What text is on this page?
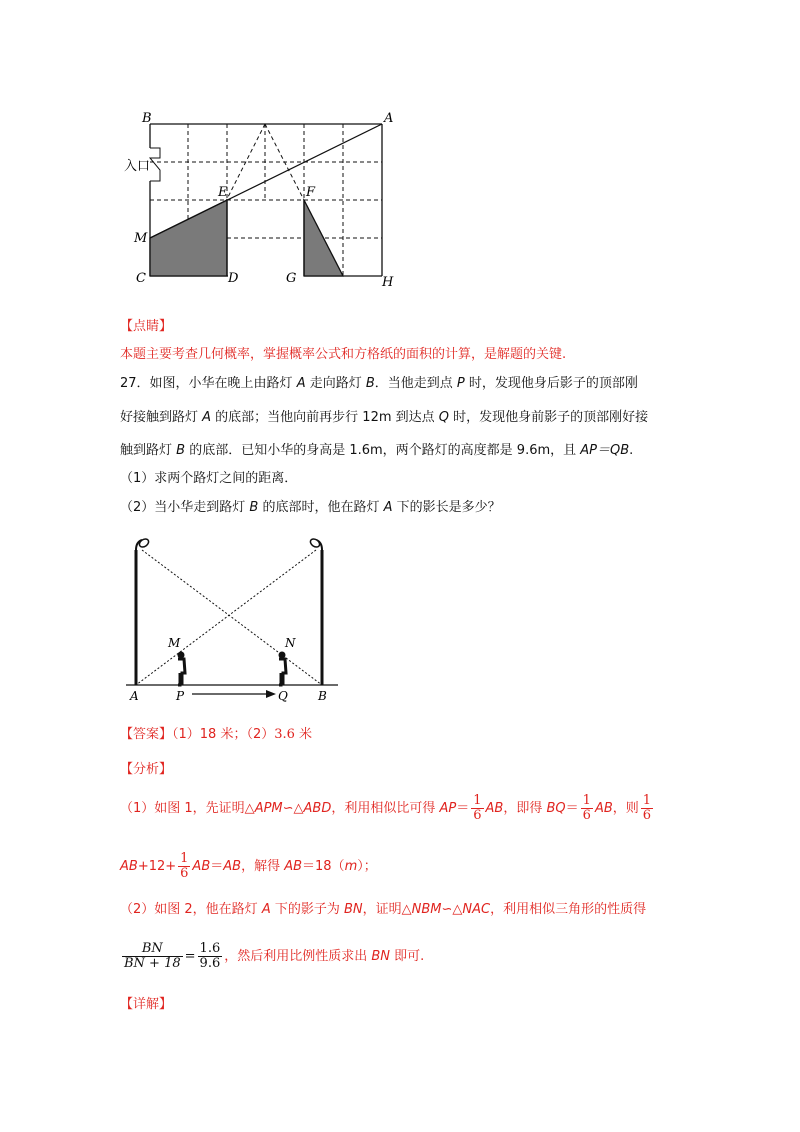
B	A
入口
E	F
M
C	D	G	H
【点睛】
本题主要考查几何概率，掌握概率公式和方格纸的面积的计算，是解题的关键.
27．如图，小华在晚上由路灯 A 走向路灯 B．当他走到点 P 时，发现他身后影子的顶部刚
好接触到路灯 A 的底部；当他向前再步行 12m 到达点 Q 时，发现他身前影子的顶部刚好接
触到路灯 B 的底部．已知小华的身高是 1.6m，两个路灯的高度都是 9.6m，且 AP＝QB.
（1）求两个路灯之间的距离．
（2）当小华走到路灯 B 的底部时，他在路灯 A 下的影长是多少？
M	N
A	P	Q	B
【答案】（1）18 米；（2）3.6 米
【分析】
（1）如图 1，先证明△APM∽△ABD，利用相似比可得 $AP= \frac{1}{6}$ AB，即得 $BQ= \frac{1}{6}$ AB，则 $\frac{1}{6}$
$AB+12+ \frac{1}{6} AB=AB$，解得 AB＝18（m）；
（2）如图 2，他在路灯 A 下的影子为 BN，证明△NBM∽△NAC，利用相似三角形的性质得
$\frac{BN}{BN + 18} = \frac{1.6}{9.6}$ ，然后利用比例性质求出 BN 即可.
【详解】
